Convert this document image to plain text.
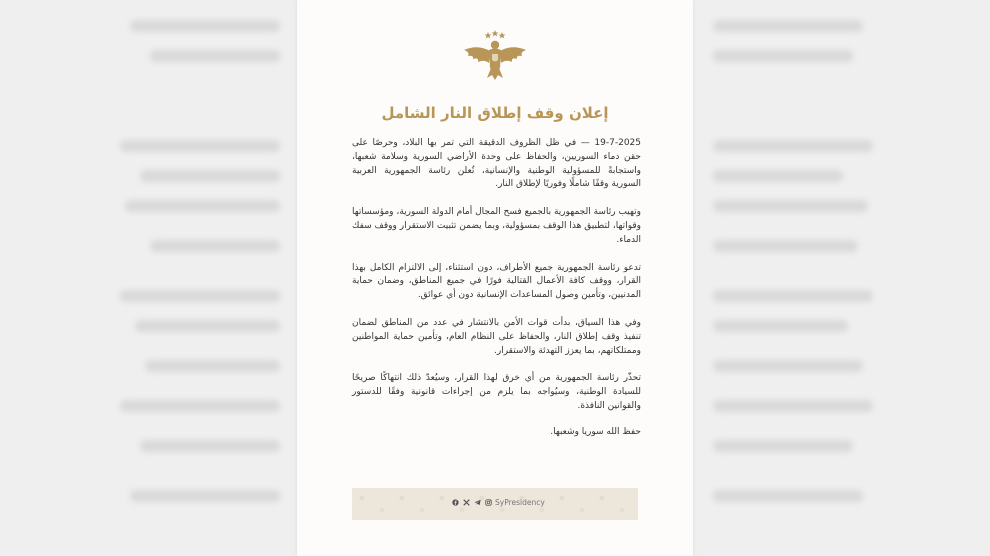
إعلان وقف إطلاق النار الشامل

19-7-2025 — في ظل الظروف الدقيقة التي تمر بها البلاد، وحرصًا على حقن دماء السوريين، والحفاظ على وحدة الأراضي السورية وسلامة شعبها، واستجابةً للمسؤولية الوطنية والإنسانية، تُعلن رئاسة الجمهورية العربية السورية وقفًا شاملًا وفوريًا لإطلاق النار.

وتهيب رئاسة الجمهورية بالجميع فسح المجال أمام الدولة السورية، ومؤسساتها وقواتها، لتطبيق هذا الوقف بمسؤولية، وبما يضمن تثبيت الاستقرار ووقف سفك الدماء.

تدعو رئاسة الجمهورية جميع الأطراف، دون استثناء، إلى الالتزام الكامل بهذا القرار، ووقف كافة الأعمال القتالية فورًا في جميع المناطق، وضمان حماية المدنيين، وتأمين وصول المساعدات الإنسانية دون أي عوائق.

وفي هذا السياق، بدأت قوات الأمن بالانتشار في عدد من المناطق لضمان تنفيذ وقف إطلاق النار، والحفاظ على النظام العام، وتأمين حماية المواطنين وممتلكاتهم، بما يعزز التهدئة والاستقرار.

تحذّر رئاسة الجمهورية من أي خرق لهذا القرار، وسيُعدّ ذلك انتهاكًا صريحًا للسيادة الوطنية، وسيُواجه بما يلزم من إجراءات قانونية وفقًا للدستور والقوانين النافذة.

حفظ الله سوريا وشعبها.

SyPresidency
